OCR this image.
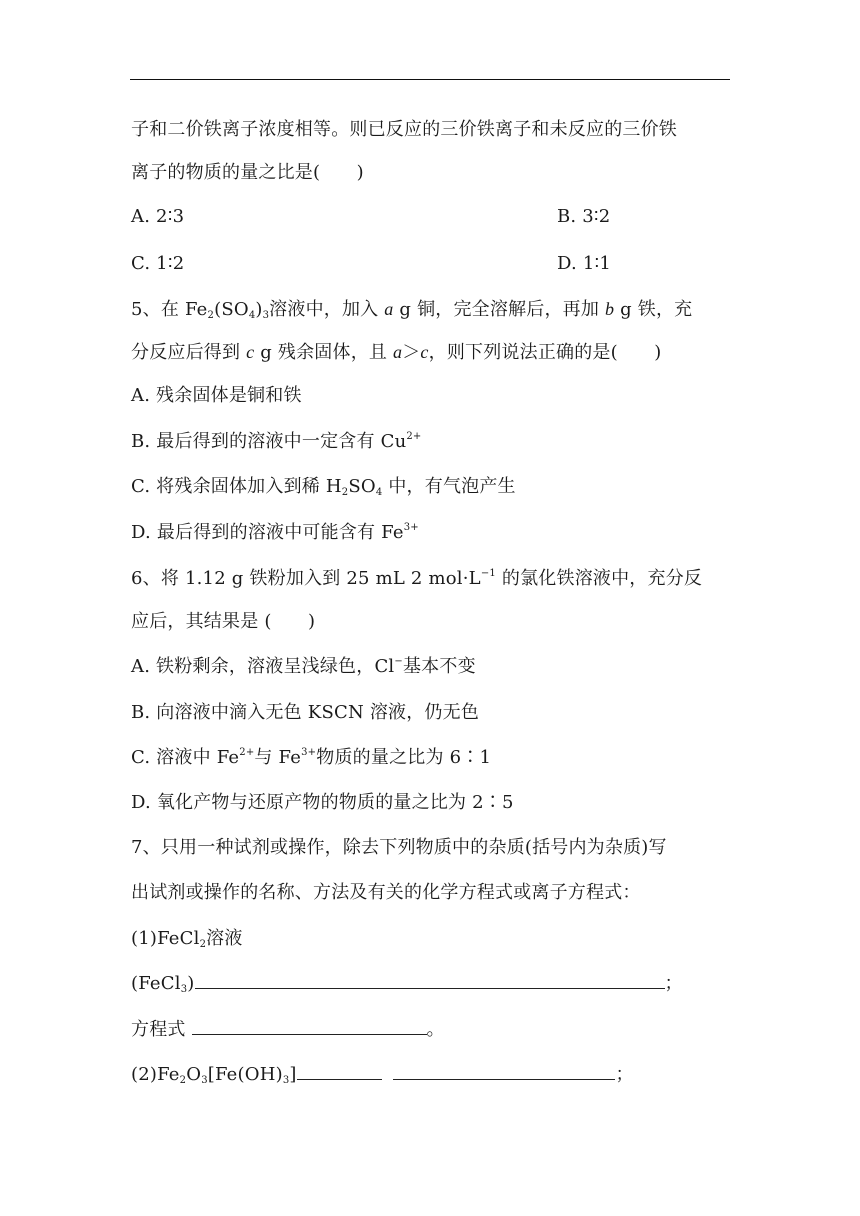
子和二价铁离子浓度相等。则已反应的三价铁离子和未反应的三价铁
离子的物质的量之比是(　　)
A. 2∶3	B. 3∶2
C. 1∶2	D. 1∶1
5、在 $Fe_2(SO_4)_3$溶液中，加入 a g 铜，完全溶解后，再加 b g 铁，充
分反应后得到 c g 残余固体，且 a＞c，则下列说法正确的是(　　)
A. 残余固体是铜和铁
B. 最后得到的溶液中一定含有 $Cu^{2+}$
C. 将残余固体加入到稀 $H_2SO_4$ 中，有气泡产生
D. 最后得到的溶液中可能含有 $Fe^{3+}$
6、将 1.12 g 铁粉加入到 25 mL 2 $mol\cdot L^{-1}$ 的氯化铁溶液中，充分反
应后，其结果是 (　　)
A. 铁粉剩余，溶液呈浅绿色，Cl−基本不变
B. 向溶液中滴入无色 KSCN 溶液，仍无色
C. 溶液中 $Fe^{2+}$与 $Fe^{3+}$物质的量之比为 6∶1
D. 氧化产物与还原产物的物质的量之比为 2∶5
7、只用一种试剂或操作，除去下列物质中的杂质(括号内为杂质)写
出试剂或操作的名称、方法及有关的化学方程式或离子方程式：
(1)FeCl$_2$溶液
(FeCl$_3$)	；
方程式	。
$(2)Fe_2O_3[Fe(OH)_3]$	；
